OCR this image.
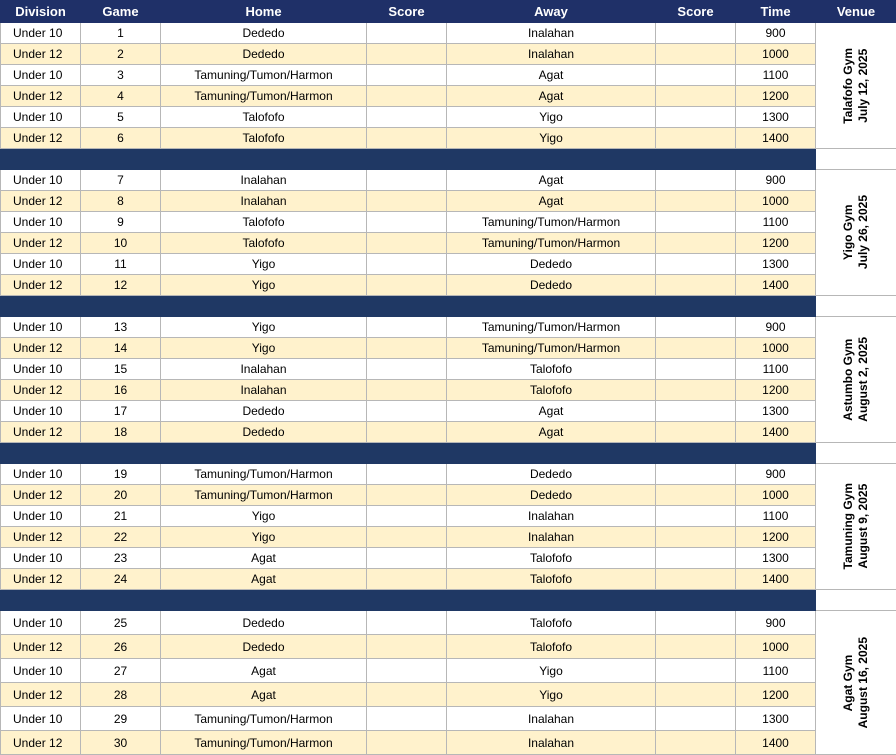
Division	Game	Home	Score	Away	Score	Time	Venue
Under 10	1	Dededo		Inalahan		900	Talafofo Gym July 12, 2025

Under 12	2	Dededo		Inalahan		1000	
Under 10	3	Tamuning/Tumon/Harmon		Agat		1100	
Under 12	4	Tamuning/Tumon/Harmon		Agat		1200	
Under 10	5	Talofofo		Yigo		1300	
Under 12	6	Talofofo		Yigo		1400	

Under 10	7	Inalahan		Agat		900	Yigo Gym July 26, 2025

Under 12	8	Inalahan		Agat		1000	
Under 10	9	Talofofo		Tamuning/Tumon/Harmon		1100	
Under 12	10	Talofofo		Tamuning/Tumon/Harmon		1200	
Under 10	11	Yigo		Dededo		1300	
Under 12	12	Yigo		Dededo		1400	

Under 10	13	Yigo		Tamuning/Tumon/Harmon		900	Astumbo Gym August 2, 2025

Under 12	14	Yigo		Tamuning/Tumon/Harmon		1000	
Under 10	15	Inalahan		Talofofo		1100	
Under 12	16	Inalahan		Talofofo		1200	
Under 10	17	Dededo		Agat		1300	
Under 12	18	Dededo		Agat		1400	

Under 10	19	Tamuning/Tumon/Harmon		Dededo		900	Tamuning Gym August 9, 2025

Under 12	20	Tamuning/Tumon/Harmon		Dededo		1000	
Under 10	21	Yigo		Inalahan		1100	
Under 12	22	Yigo		Inalahan		1200	
Under 10	23	Agat		Talofofo		1300	
Under 12	24	Agat		Talofofo		1400	

Under 10	25	Dededo		Talofofo		900	Agat Gym August 16, 2025

Under 12	26	Dededo		Talofofo		1000	
Under 10	27	Agat		Yigo		1100	
Under 12	28	Agat		Yigo		1200	
Under 10	29	Tamuning/Tumon/Harmon		Inalahan		1300	
Under 12	30	Tamuning/Tumon/Harmon		Inalahan		1400	
